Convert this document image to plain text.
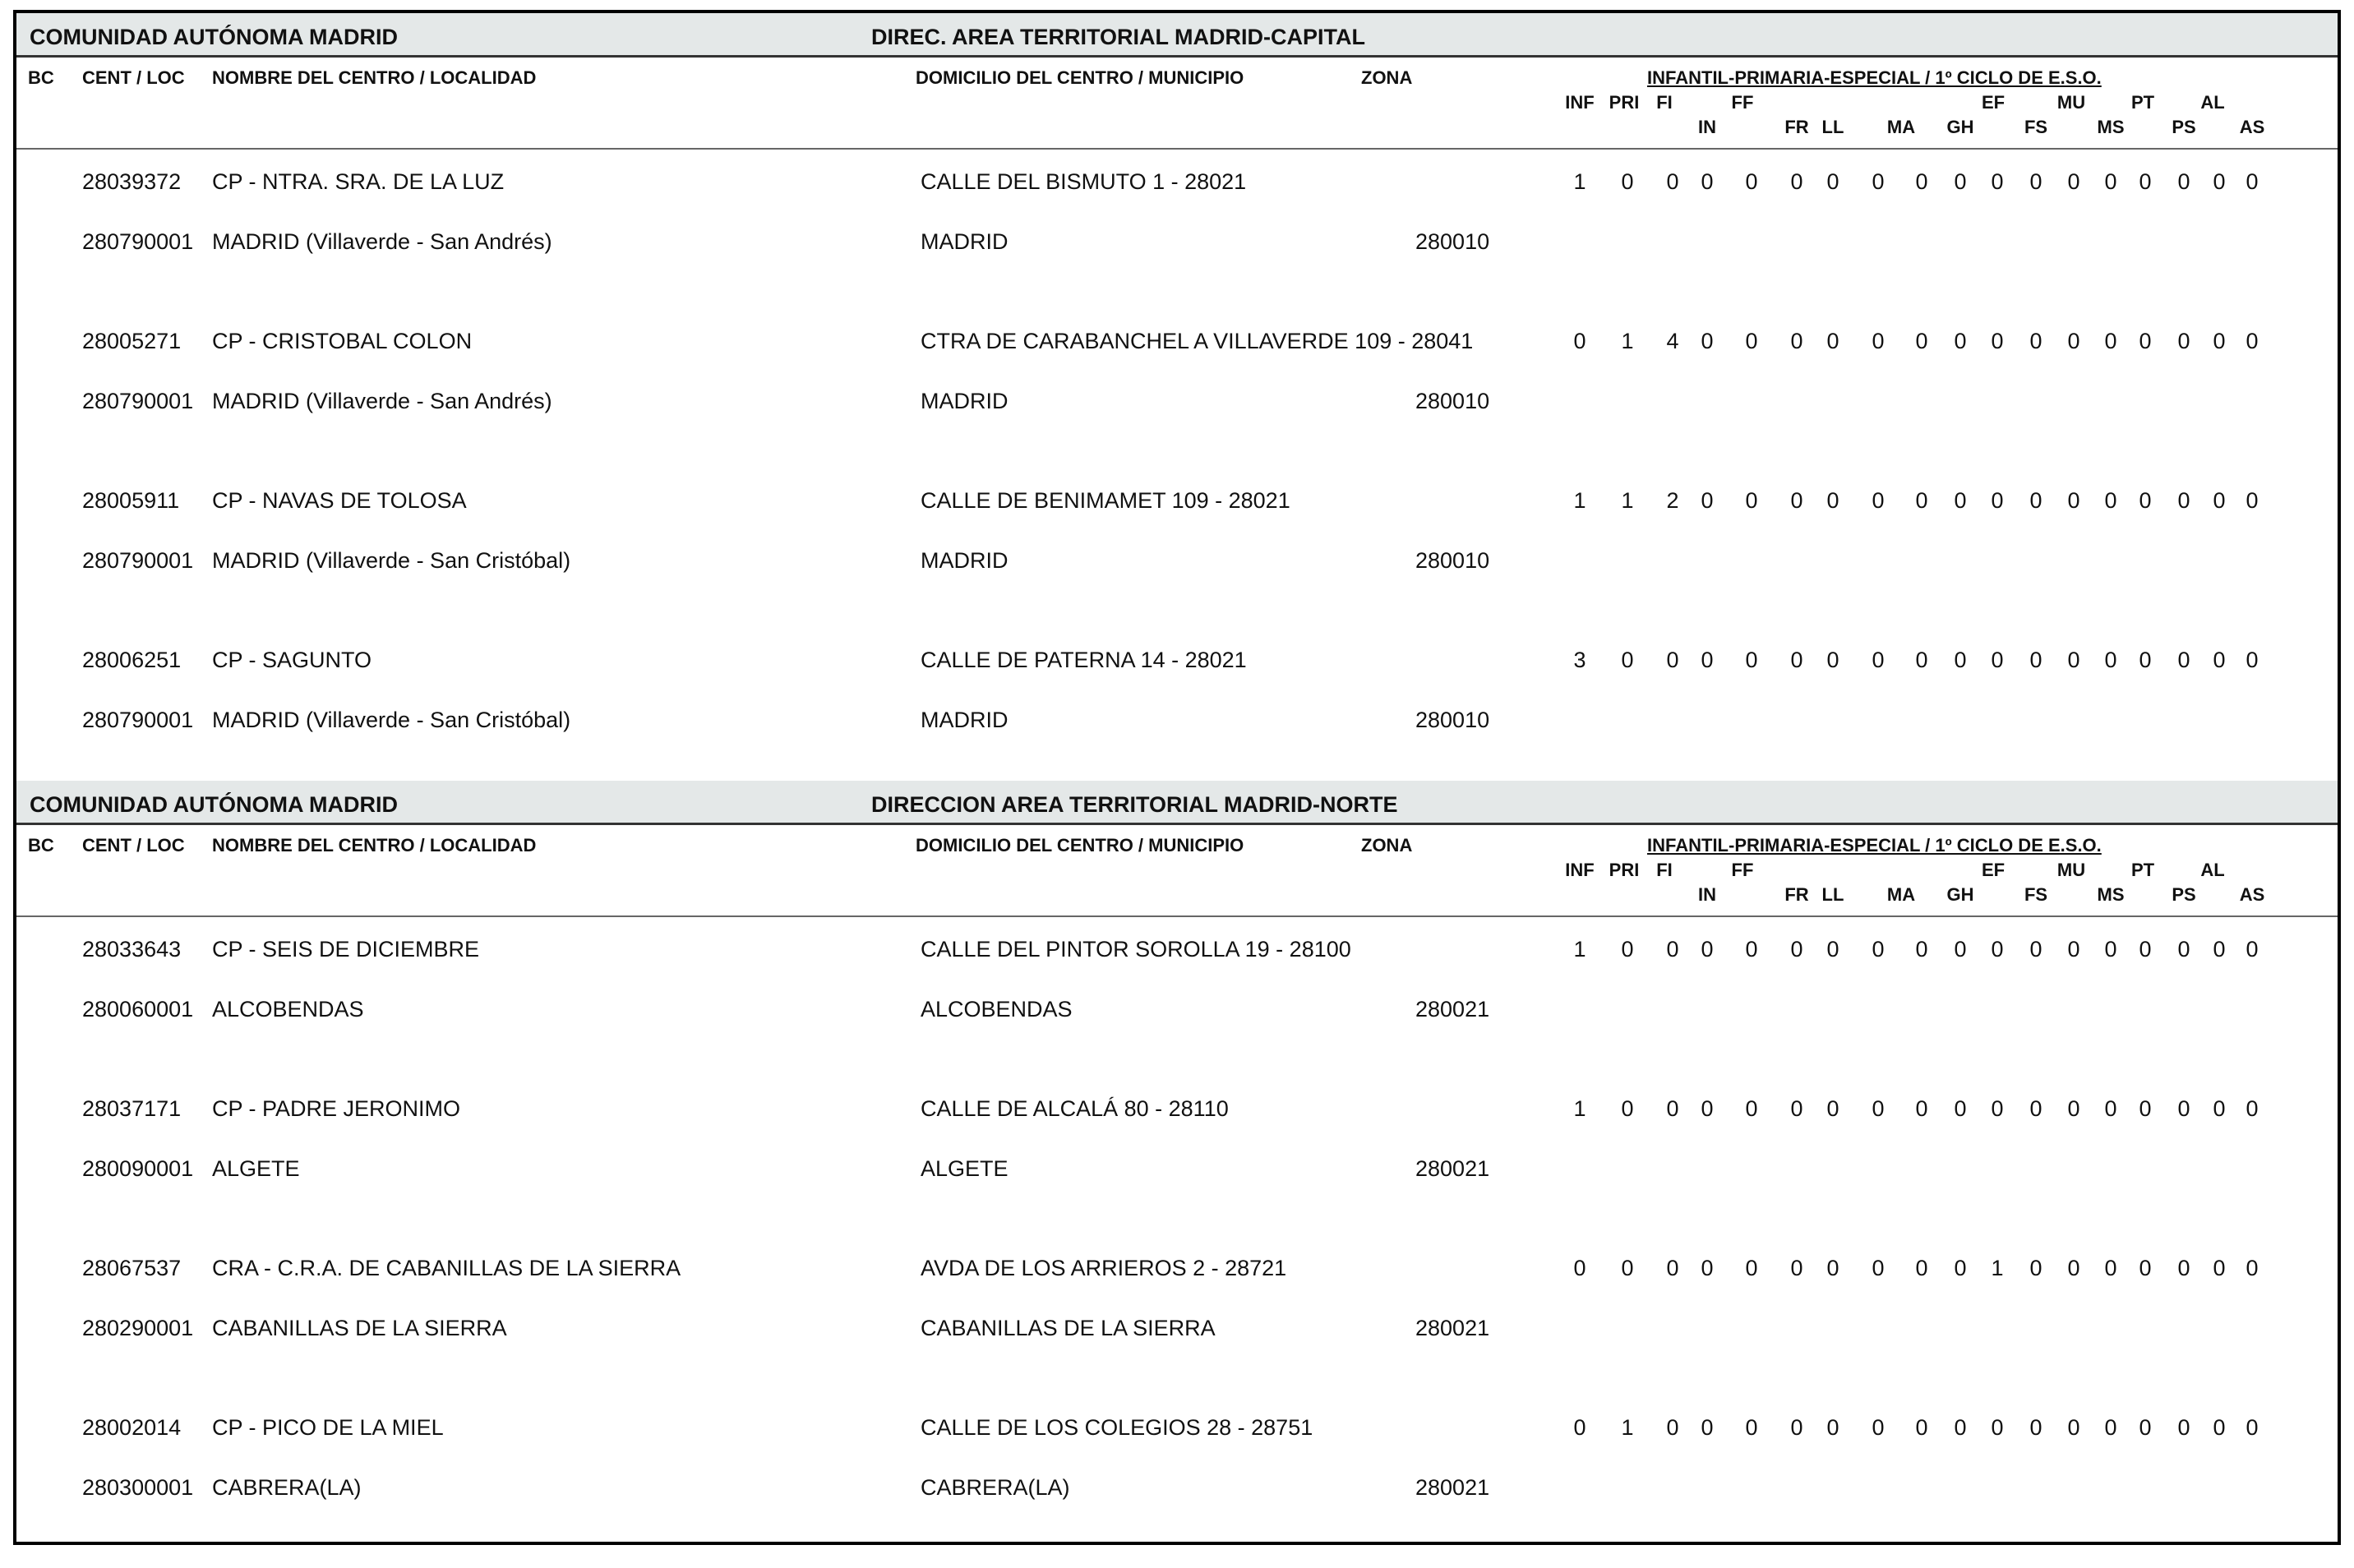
COMUNIDAD AUTÓNOMA MADRID	DIREC. AREA TERRITORIAL MADRID-CAPITAL
BC CENT / LOC NOMBRE DEL CENTRO / LOCALIDAD	DOMICILIO DEL CENTRO / MUNICIPIO	ZONA	INFANTIL-PRIMARIA-ESPECIAL / 1º CICLO DE E.S.O.
INF PRI FI	FF	EF	MU	PT	AL
IN	FR LL MA GH	FS	MS	PS AS
28039372 CP - NTRA. SRA. DE LA LUZ	CALLE DEL BISMUTO 1 - 28021	1 0 0 0 0 0 0 0 0 0 0 0 0 0 0 0 0 0
280790001 MADRID (Villaverde - San Andrés)	MADRID	280010
28005271 CP - CRISTOBAL COLON	CTRA DE CARABANCHEL A VILLAVERDE 109 - 28041	0 1 4 0 0 0 0 0 0 0 0 0 0 0 0 0 0 0
280790001 MADRID (Villaverde - San Andrés)	MADRID	280010
28005911 CP - NAVAS DE TOLOSA	CALLE DE BENIMAMET 109 - 28021	1 1 2 0 0 0 0 0 0 0 0 0 0 0 0 0 0 0
280790001 MADRID (Villaverde - San Cristóbal)	MADRID	280010
28006251 CP - SAGUNTO	CALLE DE PATERNA 14 - 28021	3 0 0 0 0 0 0 0 0 0 0 0 0 0 0 0 0 0
280790001 MADRID (Villaverde - San Cristóbal)	MADRID	280010
COMUNIDAD AUTÓNOMA MADRID	DIRECCION AREA TERRITORIAL MADRID-NORTE
BC CENT / LOC NOMBRE DEL CENTRO / LOCALIDAD	DOMICILIO DEL CENTRO / MUNICIPIO	ZONA	INFANTIL-PRIMARIA-ESPECIAL / 1º CICLO DE E.S.O.
INF PRI FI	FF	EF	MU	PT	AL
IN	FR LL MA GH	FS	MS	PS AS
28033643 CP - SEIS DE DICIEMBRE	CALLE DEL PINTOR SOROLLA 19 - 28100	1 0 0 0 0 0 0 0 0 0 0 0 0 0 0 0 0 0
280060001 ALCOBENDAS	ALCOBENDAS	280021
28037171 CP - PADRE JERONIMO	CALLE DE ALCALÁ 80 - 28110	1 0 0 0 0 0 0 0 0 0 0 0 0 0 0 0 0 0
280090001 ALGETE	ALGETE	280021
28067537 CRA - C.R.A. DE CABANILLAS DE LA SIERRA	AVDA DE LOS ARRIEROS 2 - 28721	0 0 0 0 0 0 0 0 0 0 1 0 0 0 0 0 0 0
280290001 CABANILLAS DE LA SIERRA	CABANILLAS DE LA SIERRA	280021
28002014 CP - PICO DE LA MIEL	CALLE DE LOS COLEGIOS 28 - 28751	0 1 0 0 0 0 0 0 0 0 0 0 0 0 0 0 0 0
280300001 CABRERA(LA)	CABRERA(LA)	280021
